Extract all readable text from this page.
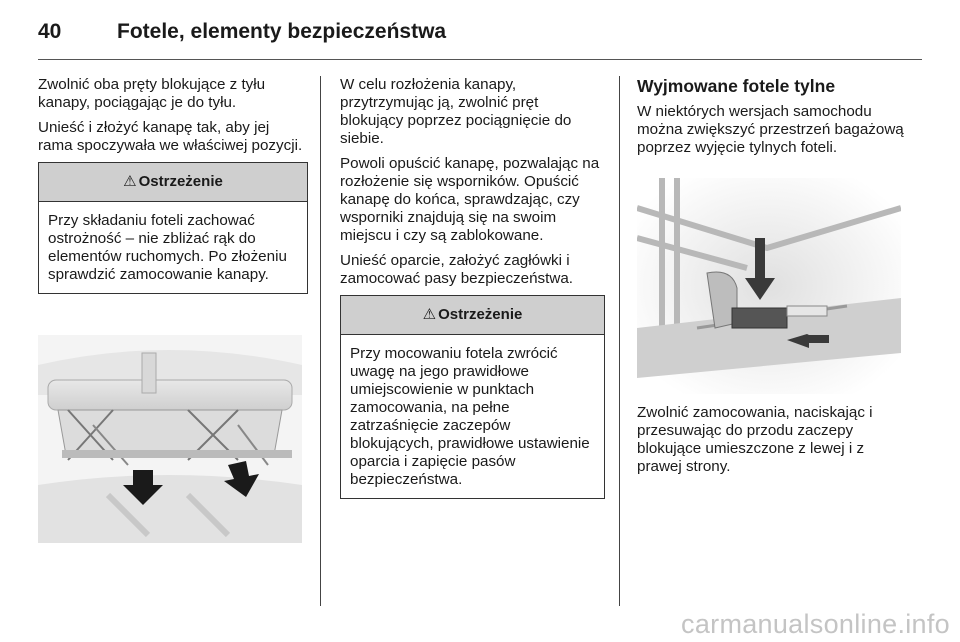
40	Fotele, elementy bezpieczeństwa

Zwolnić oba pręty blokujące z tyłu kanapy, pociągając je do tyłu.

Unieść i złożyć kanapę tak, aby jej rama spoczywała we właściwej pozycji.

⚠ Ostrzeżenie
Przy składaniu foteli zachować ostrożność – nie zbliżać rąk do elementów ruchomych. Po złożeniu sprawdzić zamocowanie kanapy.

W celu rozłożenia kanapy, przytrzymując ją, zwolnić pręt blokujący poprzez pociągnięcie do siebie.

Powoli opuścić kanapę, pozwalając na rozłożenie się wsporników. Opuścić kanapę do końca, sprawdzając, czy wsporniki znajdują się na swoim miejscu i czy są zablokowane.

Unieść oparcie, założyć zagłówki i zamocować pasy bezpieczeństwa.

⚠ Ostrzeżenie
Przy mocowaniu fotela zwrócić uwagę na jego prawidłowe umiejscowienie w punktach zamocowania, na pełne zatrzaśnięcie zaczepów blokujących, prawidłowe ustawienie oparcia i zapięcie pasów bezpieczeństwa.

Wyjmowane fotele tylne

W niektórych wersjach samochodu można zwiększyć przestrzeń bagażową poprzez wyjęcie tylnych foteli.

Zwolnić zamocowania, naciskając i przesuwając do przodu zaczepy blokujące umieszczone z lewej i z prawej strony.

carmanualsonline.info
